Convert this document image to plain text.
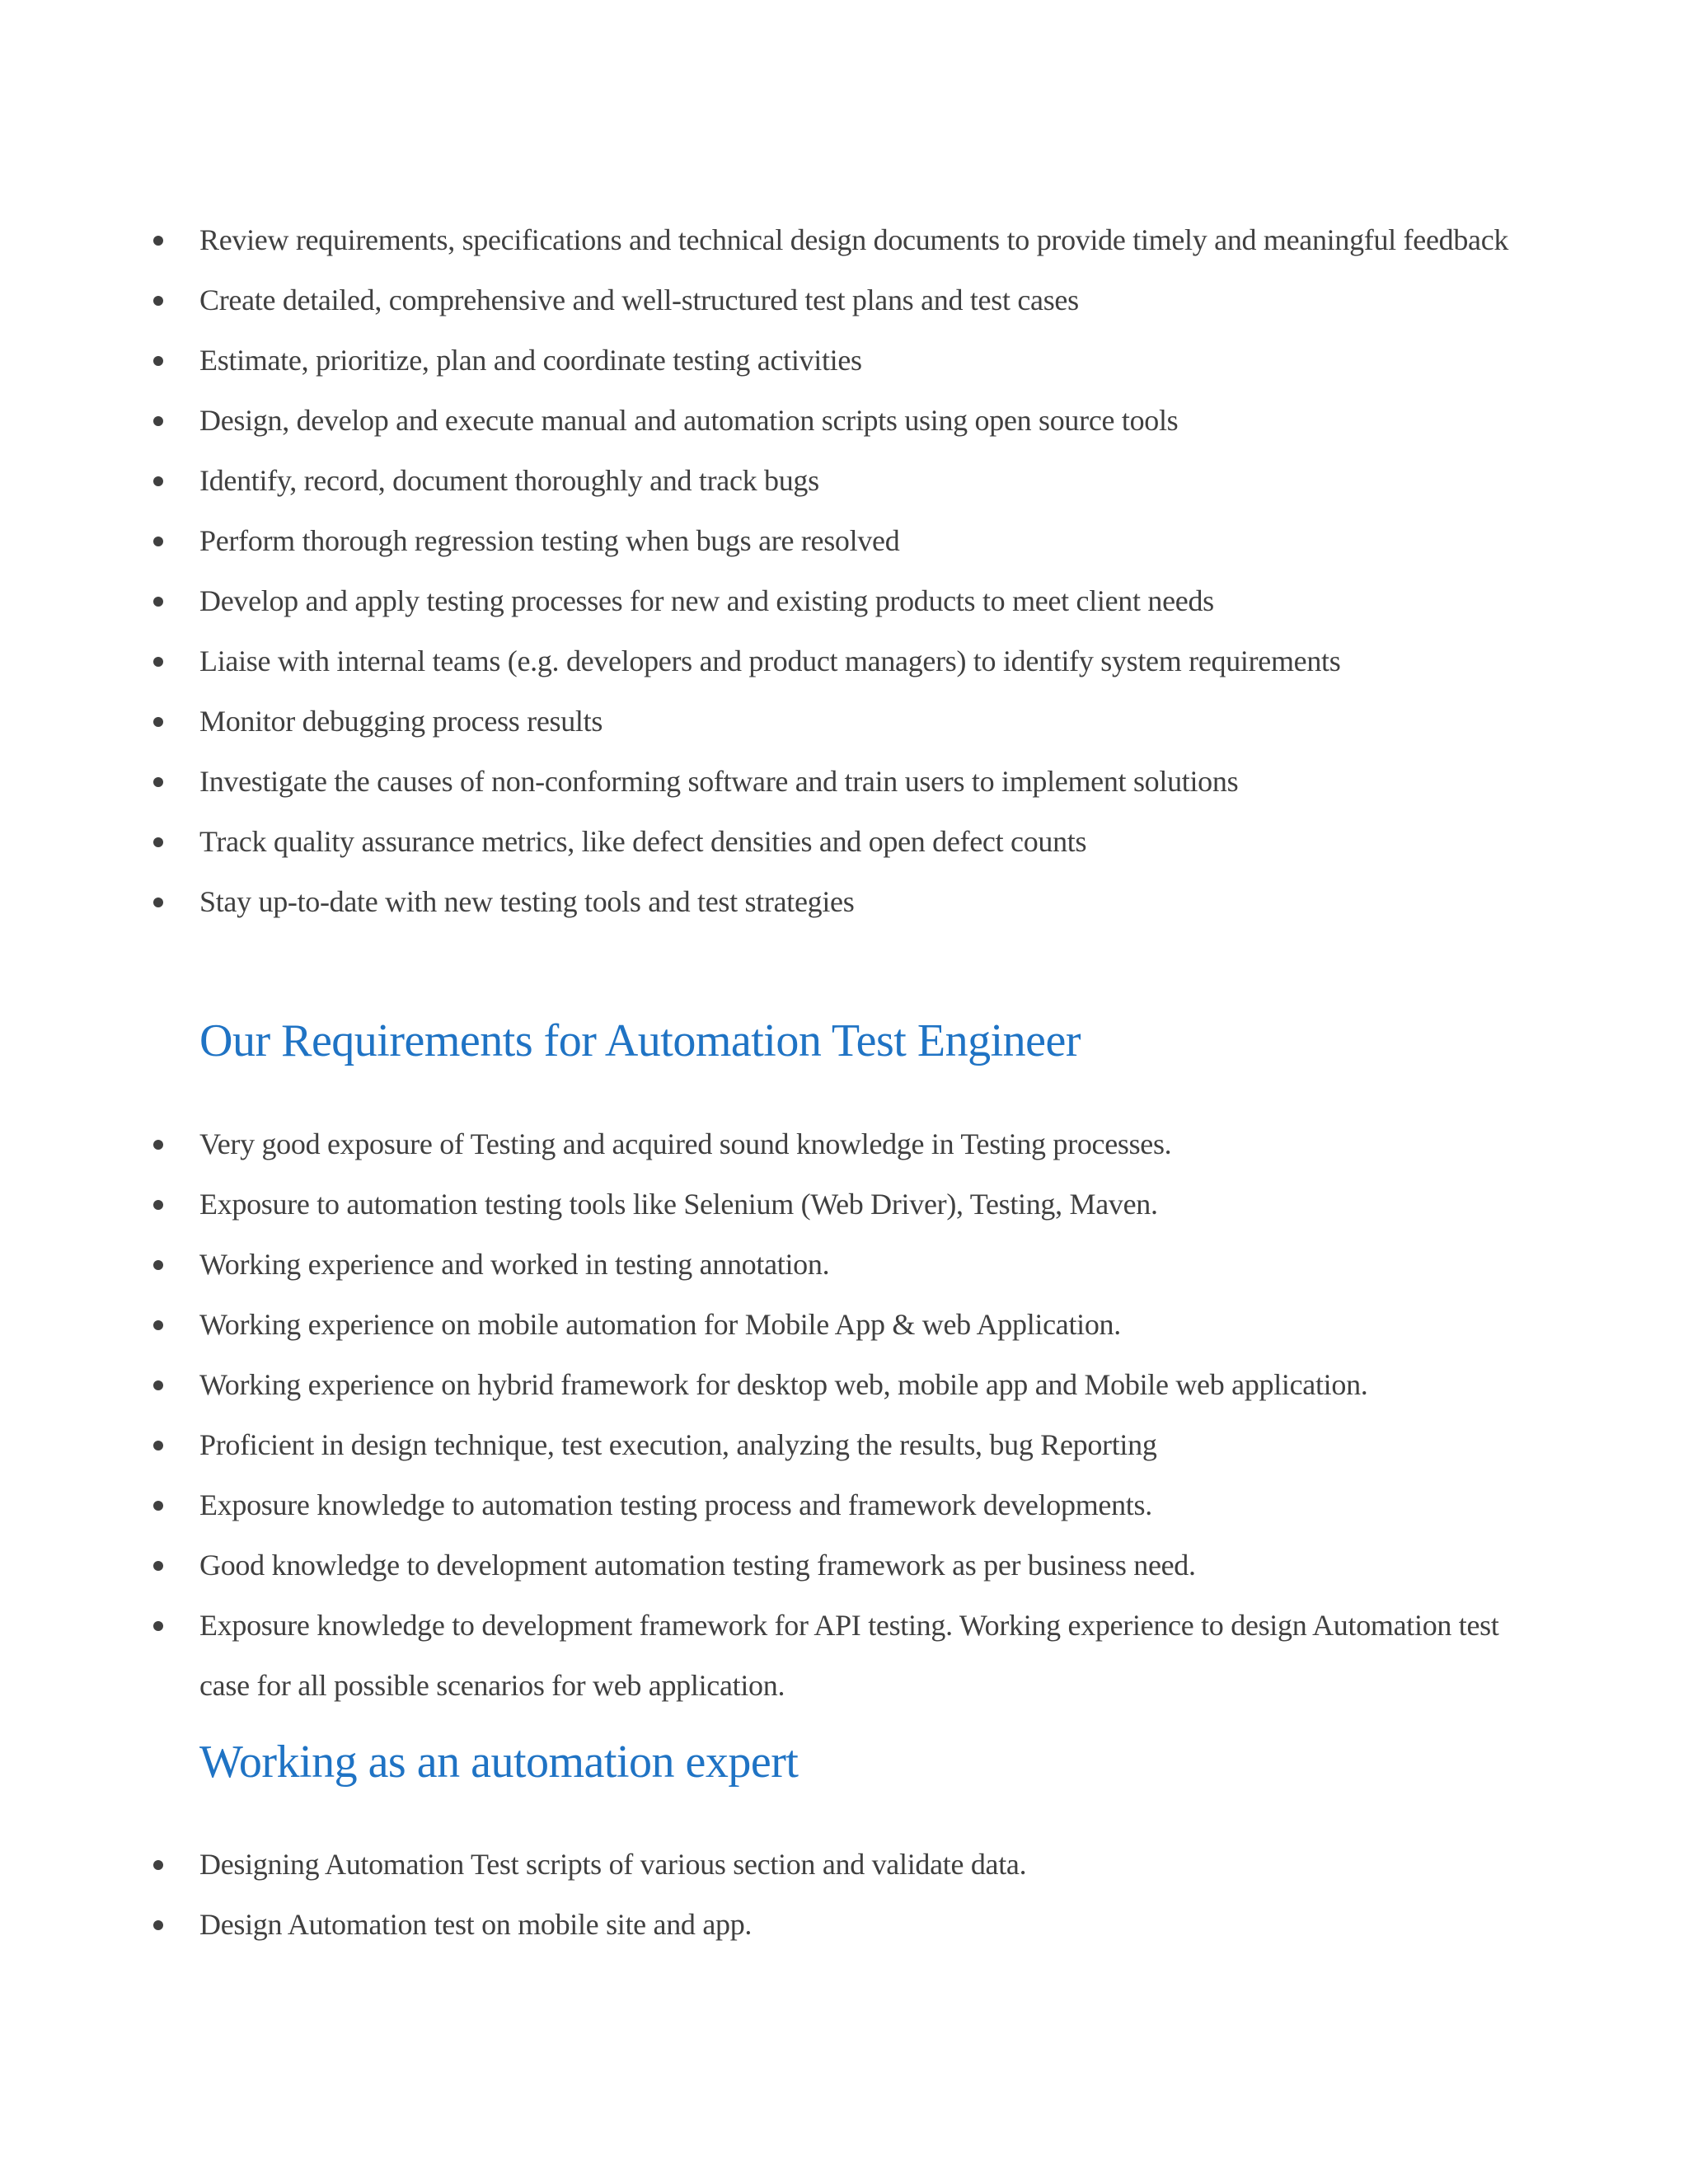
Review requirements, specifications and technical design documents to provide timely and meaningful feedback
Create detailed, comprehensive and well-structured test plans and test cases
Estimate, prioritize, plan and coordinate testing activities
Design, develop and execute manual and automation scripts using open source tools
Identify, record, document thoroughly and track bugs
Perform thorough regression testing when bugs are resolved
Develop and apply testing processes for new and existing products to meet client needs
Liaise with internal teams (e.g. developers and product managers) to identify system requirements
Monitor debugging process results
Investigate the causes of non-conforming software and train users to implement solutions
Track quality assurance metrics, like defect densities and open defect counts
Stay up-to-date with new testing tools and test strategies
Our Requirements for Automation Test Engineer
Very good exposure of Testing and acquired sound knowledge in Testing processes.
Exposure to automation testing tools like Selenium (Web Driver), Testing, Maven.
Working experience and worked in testing annotation.
Working experience on mobile automation for Mobile App & web Application.
Working experience on hybrid framework for desktop web, mobile app and Mobile web application.
Proficient in design technique, test execution, analyzing the results, bug Reporting
Exposure knowledge to automation testing process and framework developments.
Good knowledge to development automation testing framework as per business need.
Exposure knowledge to development framework for API testing. Working experience to design Automation test case for all possible scenarios for web application.
Working as an automation expert
Designing Automation Test scripts of various section and validate data.
Design Automation test on mobile site and app.
